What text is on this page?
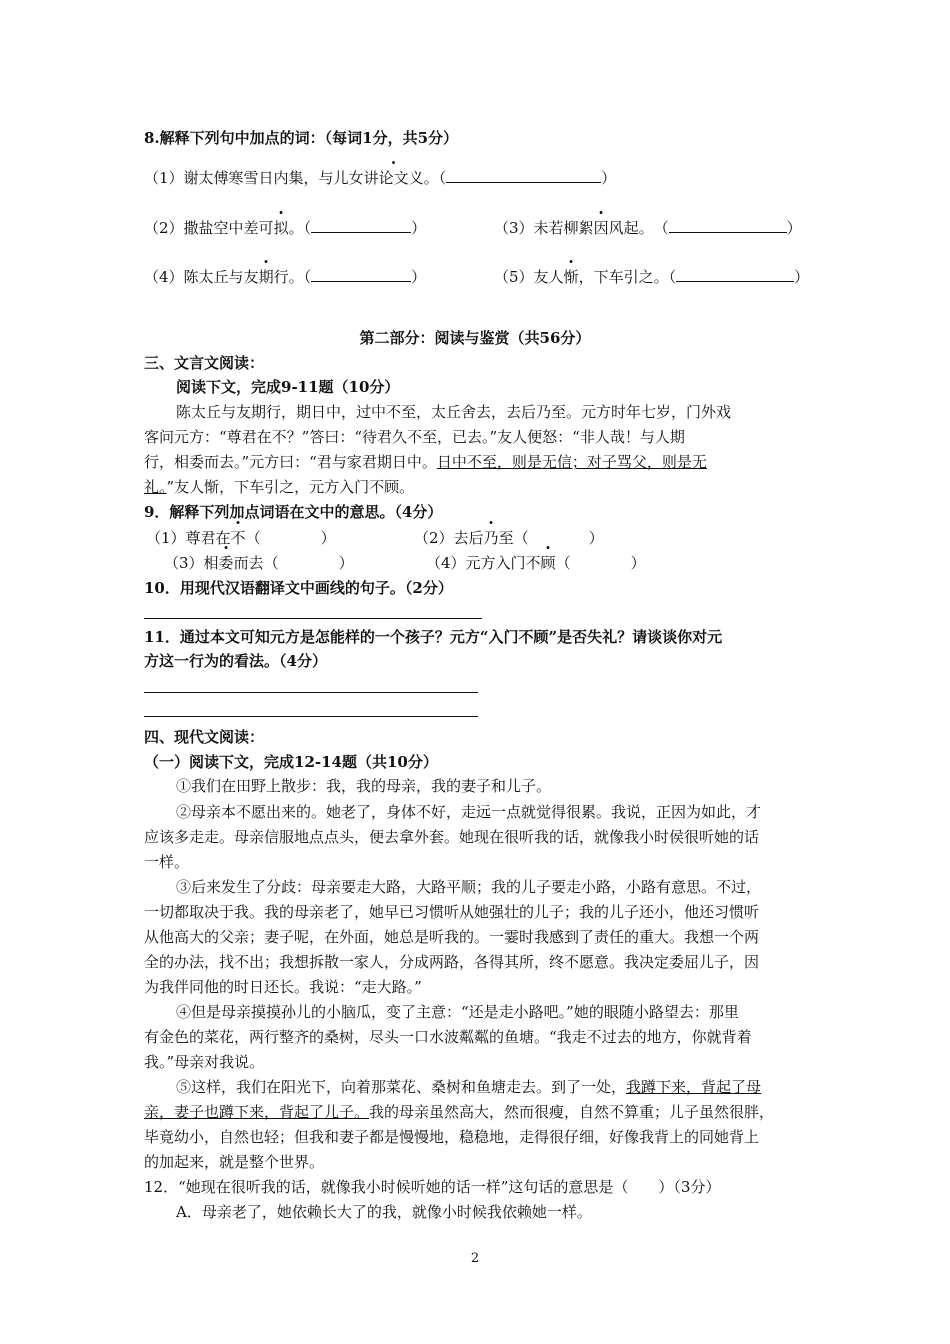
8.解释下列句中加点的词：（每词1分，共5分）
（1）谢太傅寒雪日内集，与儿女讲论文义。（	）
（2）撒盐空中差可拟。（	）	（3）未若柳絮因风起。　（	）
（4）陈太丘与友期行。（	）	（5）友人惭，下车引之。（	）
第二部分：阅读与鉴赏（共56分）
三、文言文阅读：
阅读下文，完成9-11题（10分）
陈太丘与友期行，期日中，过中不至，太丘舍去，去后乃至。元方时年七岁，门外戏
客问元方：“尊君在不？”答曰：“待君久不至，已去。”友人便怒：“非人哉！与人期
行，相委而去。”元方曰：“君与家君期日中。日中不至，则是无信；对子骂父，则是无
礼。”友人惭，下车引之，元方入门不顾。
9．解释下列加点词语在文中的意思。（4分）
（1）尊君在不（　　　　）	（2）去后乃至（　　　　）
（3）相委而去（　　　　）	（4）元方入门不顾（　　　　）
10．用现代汉语翻译文中画线的句子。（2分）
11．通过本文可知元方是怎能样的一个孩子？元方“入门不顾”是否失礼？请谈谈你对元
方这一行为的看法。（4分）
四、现代文阅读：
（一）阅读下文，完成12-14题（共10分）
①我们在田野上散步：我，我的母亲，我的妻子和儿子。
②母亲本不愿出来的。她老了，身体不好，走远一点就觉得很累。我说，正因为如此，才
应该多走走。母亲信服地点点头，便去拿外套。她现在很听我的话，就像我小时侯很听她的话
一样。
③后来发生了分歧：母亲要走大路，大路平顺；我的儿子要走小路，小路有意思。不过，
一切都取决于我。我的母亲老了，她早已习惯听从她强壮的儿子；我的儿子还小，他还习惯听
从他高大的父亲；妻子呢，在外面，她总是听我的。一霎时我感到了责任的重大。我想一个两
全的办法，找不出；我想拆散一家人，分成两路，各得其所，终不愿意。我决定委屈儿子，因
为我伴同他的时日还长。我说：“走大路。”
④但是母亲摸摸孙儿的小脑瓜，变了主意：“还是走小路吧。”她的眼随小路望去：那里
有金色的菜花，两行整齐的桑树，尽头一口水波粼粼的鱼塘。“我走不过去的地方，你就背着
我。”母亲对我说。
⑤这样，我们在阳光下，向着那菜花、桑树和鱼塘走去。到了一处，我蹲下来，背起了母
亲，妻子也蹲下来，背起了儿子。我的母亲虽然高大，然而很瘦，自然不算重；儿子虽然很胖，
毕竟幼小，自然也轻；但我和妻子都是慢慢地，稳稳地，走得很仔细，好像我背上的同她背上
的加起来，就是整个世界。
12．“她现在很听我的话，就像我小时候听她的话一样”这句话的意思是（　　）（3分）
A．母亲老了，她依赖长大了的我，就像小时候我依赖她一样。
2
